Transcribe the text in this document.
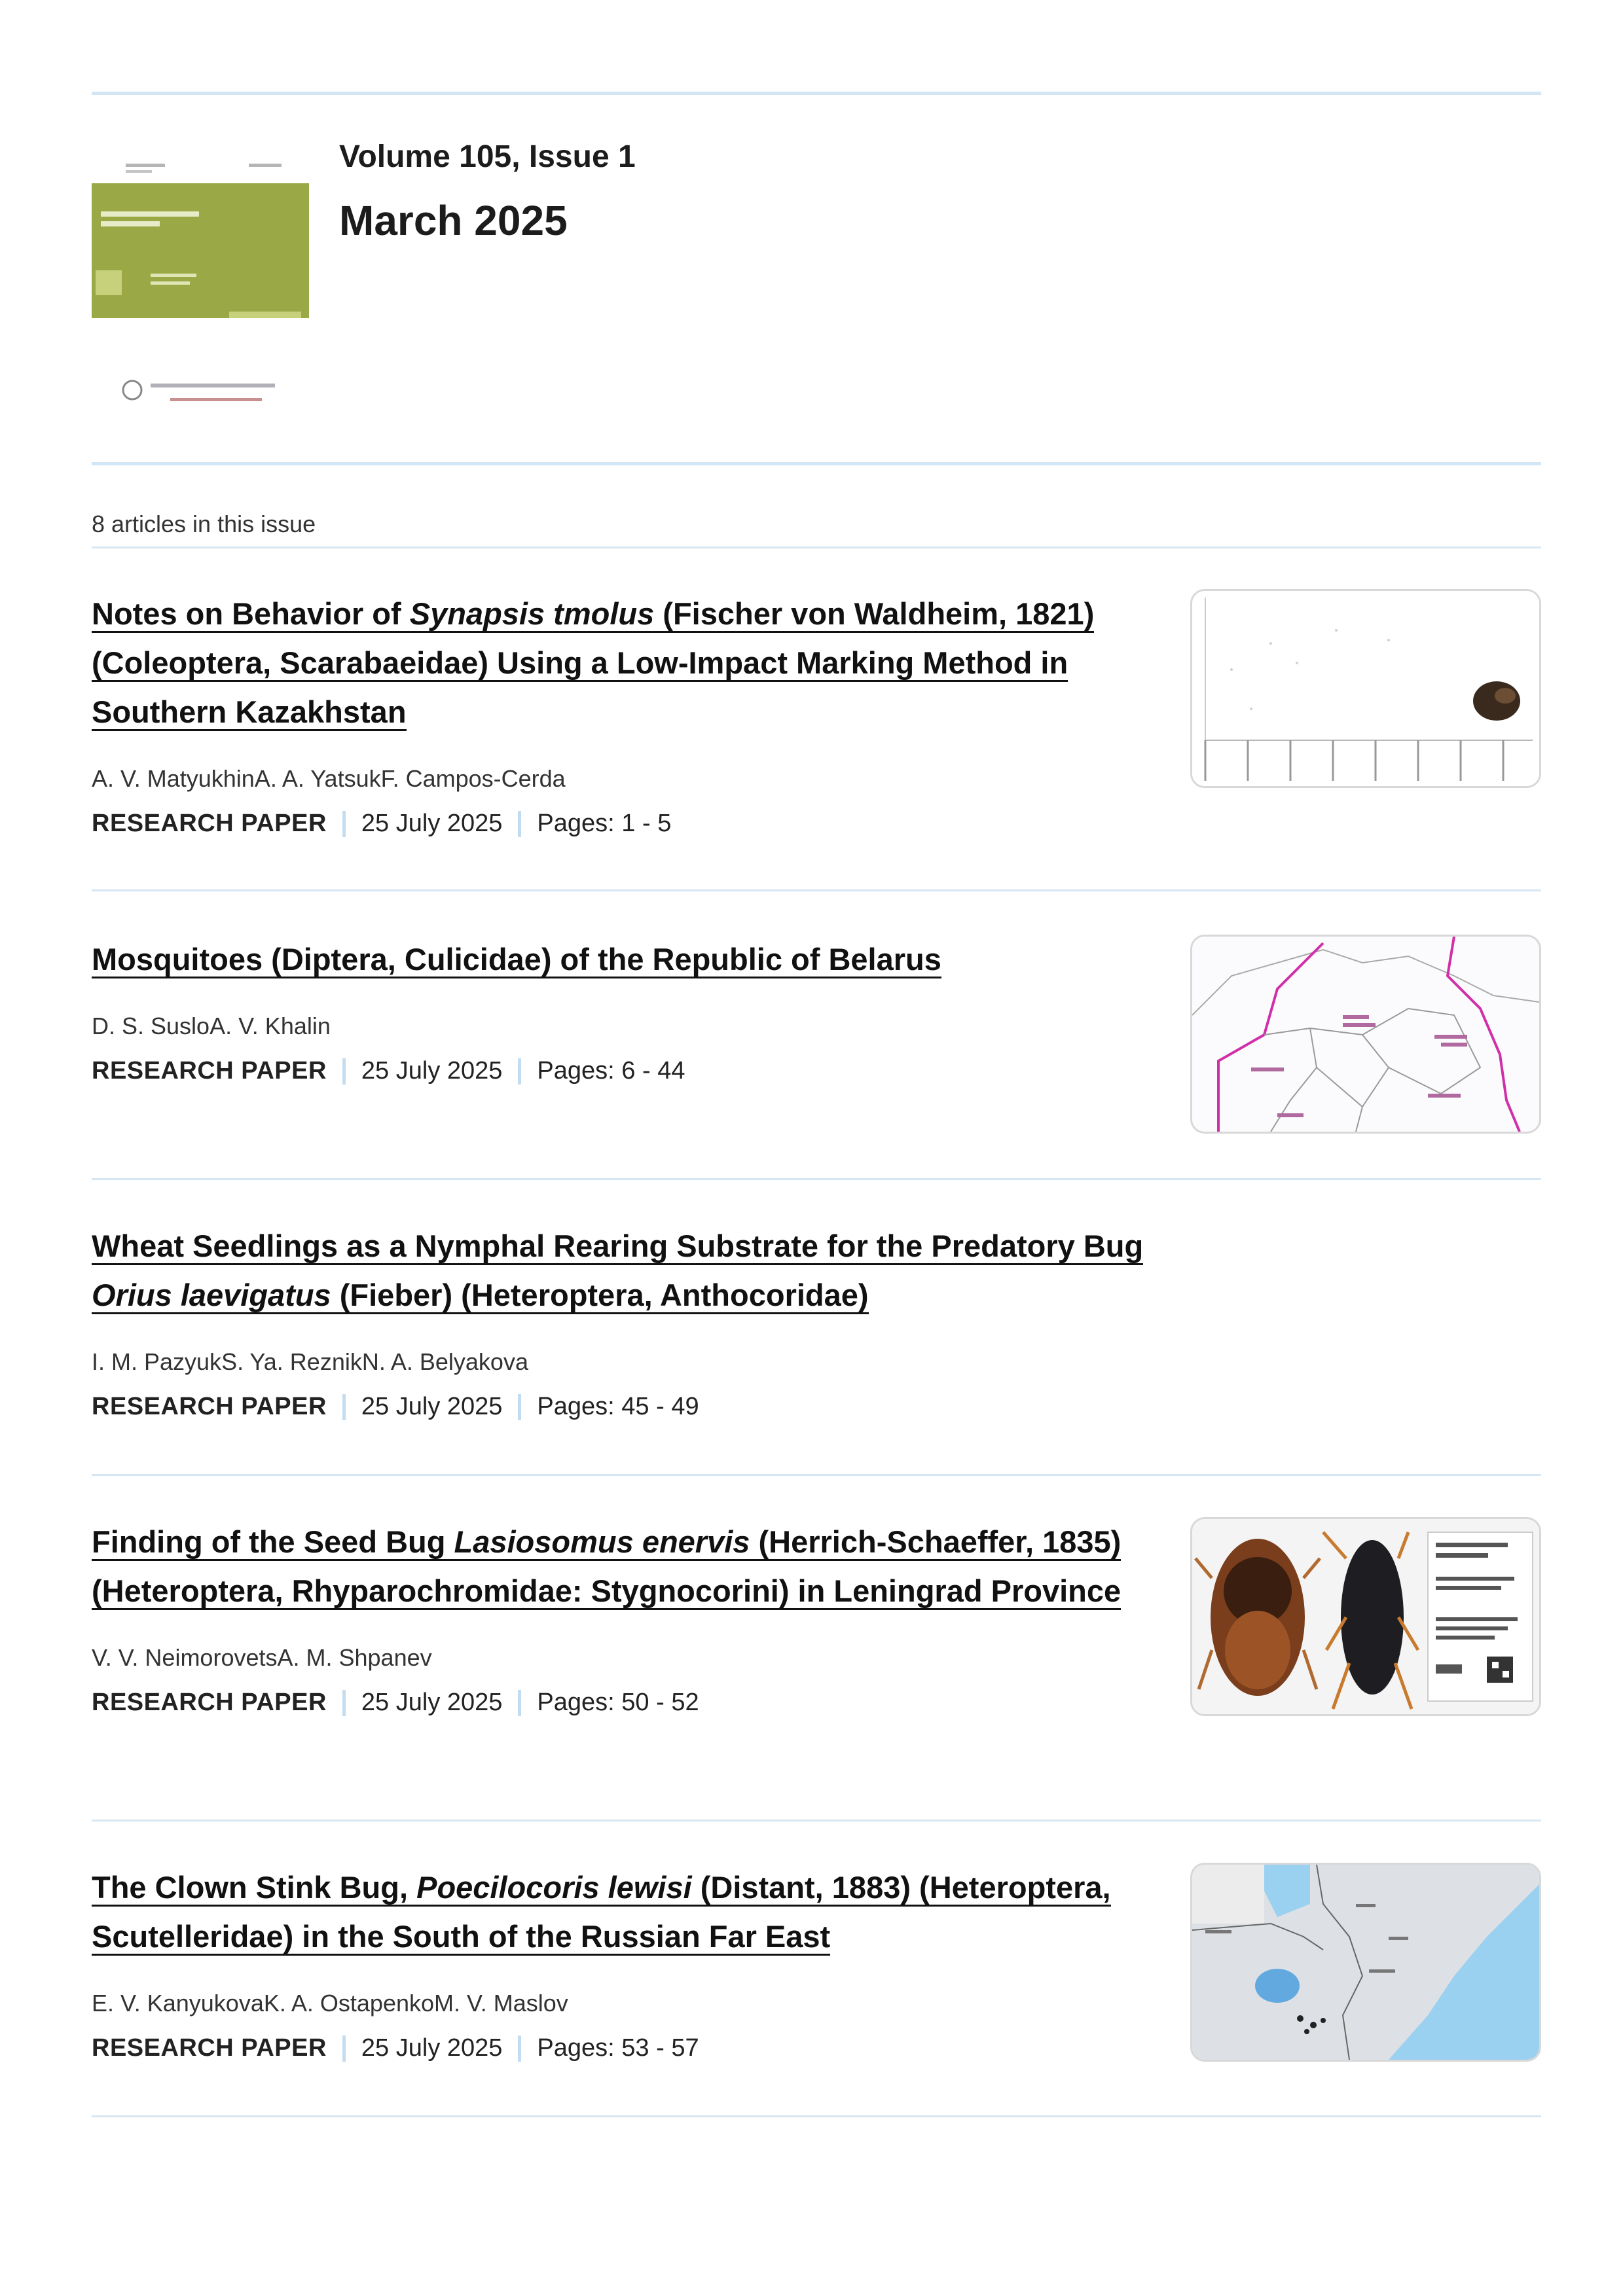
Volume 105, Issue 1
March 2025
8 articles in this issue
Notes on Behavior of Synapsis tmolus (Fischer von Waldheim, 1821) (Coleoptera, Scarabaeidae) Using a Low-Impact Marking Method in Southern Kazakhstan
A. V. MatyukhinA. A. YatsukF. Campos-Cerda
RESEARCH PAPER 25 July 2025 Pages: 1 - 5
Mosquitoes (Diptera, Culicidae) of the Republic of Belarus
D. S. SusloA. V. Khalin
RESEARCH PAPER 25 July 2025 Pages: 6 - 44
Wheat Seedlings as a Nymphal Rearing Substrate for the Predatory Bug Orius laevigatus (Fieber) (Heteroptera, Anthocoridae)
I. M. PazyukS. Ya. ReznikN. A. Belyakova
RESEARCH PAPER 25 July 2025 Pages: 45 - 49
Finding of the Seed Bug Lasiosomus enervis (Herrich-Schaeffer, 1835) (Heteroptera, Rhyparochromidae: Stygnocorini) in Leningrad Province
V. V. NeimorovetsA. M. Shpanev
RESEARCH PAPER 25 July 2025 Pages: 50 - 52
The Clown Stink Bug, Poecilocoris lewisi (Distant, 1883) (Heteroptera, Scutelleridae) in the South of the Russian Far East
E. V. KanyukovaK. A. OstapenkoM. V. Maslov
RESEARCH PAPER 25 July 2025 Pages: 53 - 57
